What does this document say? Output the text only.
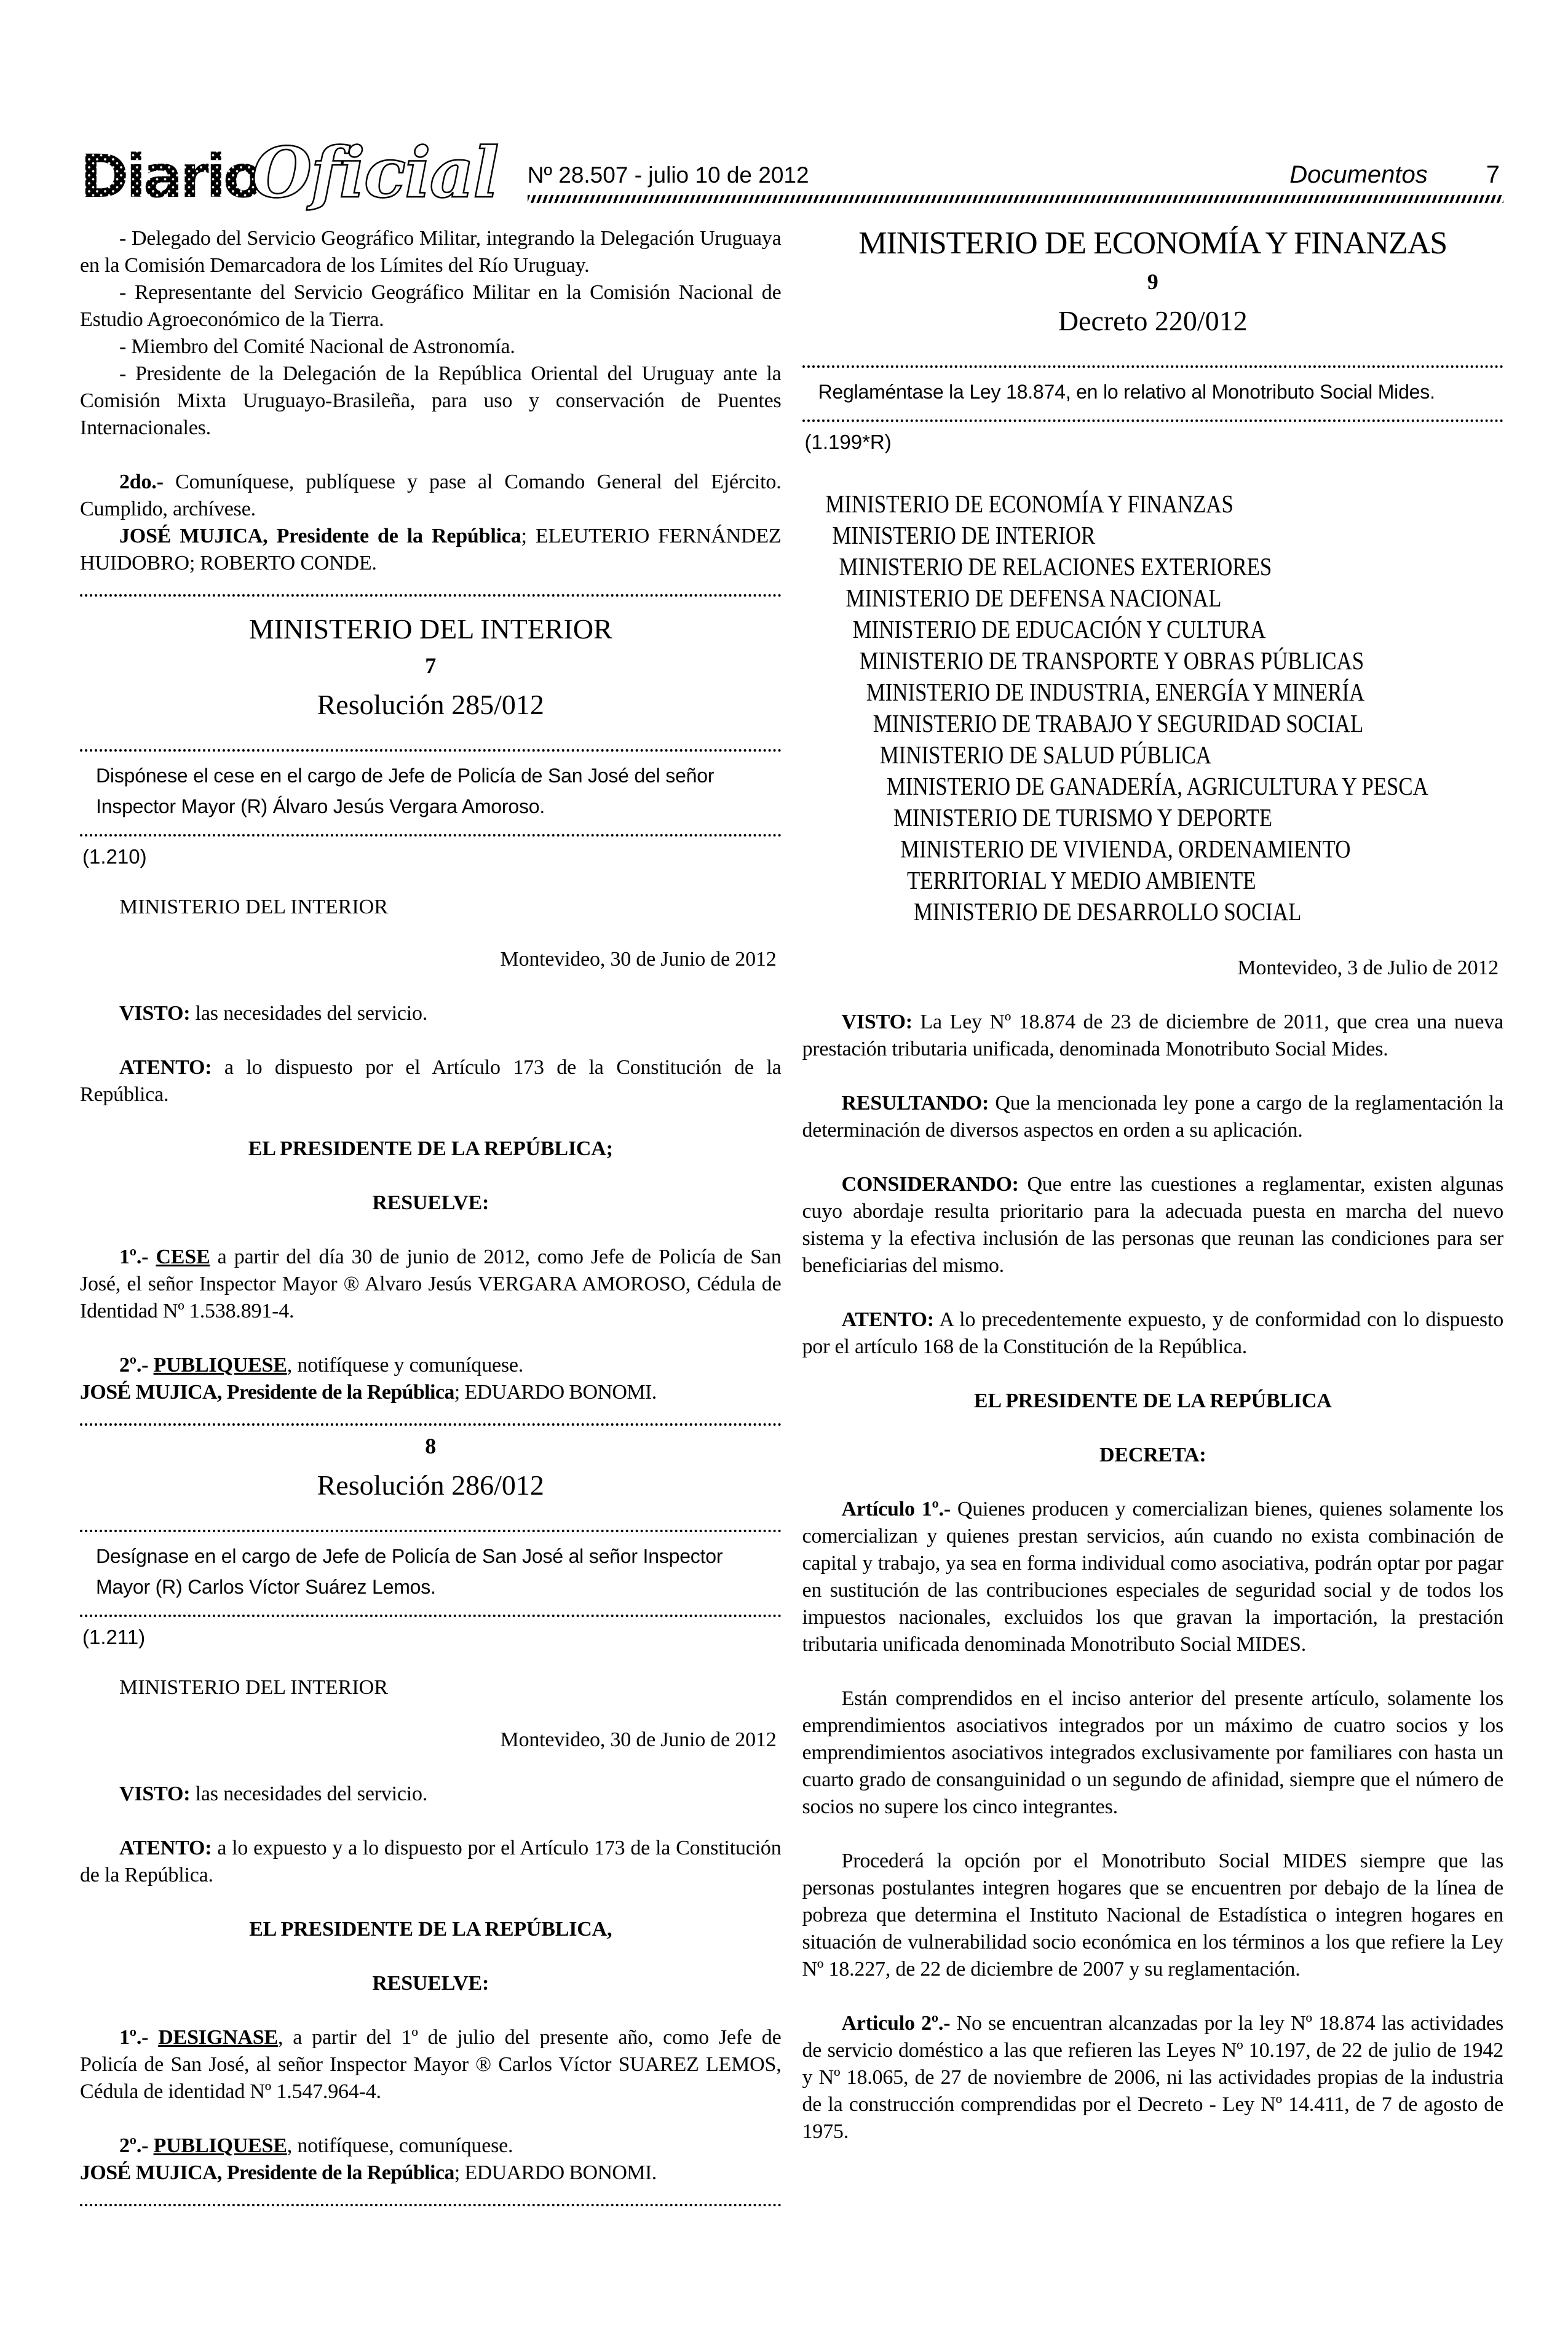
DiarioOficial Nº 28.507 - julio 10 de 2012	Documentos 7

- Delegado del Servicio Geográfico Militar, integrando la Delegación Uruguaya en la Comisión Demarcadora de los Límites del Río Uruguay.

- Representante del Servicio Geográfico Militar en la Comisión Nacional de Estudio Agroeconómico de la Tierra.

- Miembro del Comité Nacional de Astronomía.

- Presidente de la Delegación de la República Oriental del Uruguay ante la Comisión Mixta Uruguayo-Brasileña, para uso y conservación de Puentes Internacionales.

2do.- Comuníquese, publíquese y pase al Comando General del Ejército. Cumplido, archívese.

JOSÉ MUJICA, Presidente de la República; ELEUTERIO FERNÁNDEZ HUIDOBRO; ROBERTO CONDE.

MINISTERIO DEL INTERIOR
7
Resolución 285/012
Dispónese el cese en el cargo de Jefe de Policía de San José del señor Inspector Mayor (R) Álvaro Jesús Vergara Amoroso.
(1.210)

MINISTERIO DEL INTERIOR

Montevideo, 30 de Junio de 2012

VISTO: las necesidades del servicio.

ATENTO: a lo dispuesto por el Artículo 173 de la Constitución de la República.

EL PRESIDENTE DE LA REPÚBLICA;

RESUELVE:

1º.- CESE a partir del día 30 de junio de 2012, como Jefe de Policía de San José, el señor Inspector Mayor ® Alvaro Jesús VERGARA AMOROSO, Cédula de Identidad Nº 1.538.891-4.

2º.- PUBLIQUESE, notifíquese y comuníquese.

JOSÉ MUJICA, Presidente de la República; EDUARDO BONOMI.

8
Resolución 286/012
Desígnase en el cargo de Jefe de Policía de San José al señor Inspector Mayor (R) Carlos Víctor Suárez Lemos.
(1.211)

MINISTERIO DEL INTERIOR

Montevideo, 30 de Junio de 2012

VISTO: las necesidades del servicio.

ATENTO: a lo expuesto y a lo dispuesto por el Artículo 173 de la Constitución de la República.

EL PRESIDENTE DE LA REPÚBLICA,

RESUELVE:

1º.- DESIGNASE, a partir del 1º de julio del presente año, como Jefe de Policía de San José, al señor Inspector Mayor ® Carlos Víctor SUAREZ LEMOS, Cédula de identidad Nº 1.547.964-4.

2º.- PUBLIQUESE, notifíquese, comuníquese.

JOSÉ MUJICA, Presidente de la República; EDUARDO BONOMI.

MINISTERIO DE ECONOMÍA Y FINANZAS
9
Decreto 220/012
Reglaméntase la Ley 18.874, en lo relativo al Monotributo Social Mides.
(1.199*R)
MINISTERIO DE ECONOMÍA Y FINANZAS
MINISTERIO DE INTERIOR
MINISTERIO DE RELACIONES EXTERIORES
MINISTERIO DE DEFENSA NACIONAL
MINISTERIO DE EDUCACIÓN Y CULTURA
MINISTERIO DE TRANSPORTE Y OBRAS PÚBLICAS
MINISTERIO DE INDUSTRIA, ENERGÍA Y MINERÍA
MINISTERIO DE TRABAJO Y SEGURIDAD SOCIAL
MINISTERIO DE SALUD PÚBLICA
MINISTERIO DE GANADERÍA, AGRICULTURA Y PESCA
MINISTERIO DE TURISMO Y DEPORTE
MINISTERIO DE VIVIENDA, ORDENAMIENTO
TERRITORIAL Y MEDIO AMBIENTE
MINISTERIO DE DESARROLLO SOCIAL

Montevideo, 3 de Julio de 2012

VISTO: La Ley Nº 18.874 de 23 de diciembre de 2011, que crea una nueva prestación tributaria unificada, denominada Monotributo Social Mides.

RESULTANDO: Que la mencionada ley pone a cargo de la reglamentación la determinación de diversos aspectos en orden a su aplicación.

CONSIDERANDO: Que entre las cuestiones a reglamentar, existen algunas cuyo abordaje resulta prioritario para la adecuada puesta en marcha del nuevo sistema y la efectiva inclusión de las personas que reunan las condiciones para ser beneficiarias del mismo.

ATENTO: A lo precedentemente expuesto, y de conformidad con lo dispuesto por el artículo 168 de la Constitución de la República.

EL PRESIDENTE DE LA REPÚBLICA

DECRETA:

Artículo 1º.- Quienes producen y comercializan bienes, quienes solamente los comercializan y quienes prestan servicios, aún cuando no exista combinación de capital y trabajo, ya sea en forma individual como asociativa, podrán optar por pagar en sustitución de las contribuciones especiales de seguridad social y de todos los impuestos nacionales, excluidos los que gravan la importación, la prestación tributaria unificada denominada Monotributo Social MIDES.

Están comprendidos en el inciso anterior del presente artículo, solamente los emprendimientos asociativos integrados por un máximo de cuatro socios y los emprendimientos asociativos integrados exclusivamente por familiares con hasta un cuarto grado de consanguinidad o un segundo de afinidad, siempre que el número de socios no supere los cinco integrantes.

Procederá la opción por el Monotributo Social MIDES siempre que las personas postulantes integren hogares que se encuentren por debajo de la línea de pobreza que determina el Instituto Nacional de Estadística o integren hogares en situación de vulnerabilidad socio económica en los términos a los que refiere la Ley Nº 18.227, de 22 de diciembre de 2007 y su reglamentación.

Articulo 2º.- No se encuentran alcanzadas por la ley Nº 18.874 las actividades de servicio doméstico a las que refieren las Leyes Nº 10.197, de 22 de julio de 1942 y Nº 18.065, de 27 de noviembre de 2006, ni las actividades propias de la industria de la construcción comprendidas por el Decreto - Ley Nº 14.411, de 7 de agosto de 1975.
